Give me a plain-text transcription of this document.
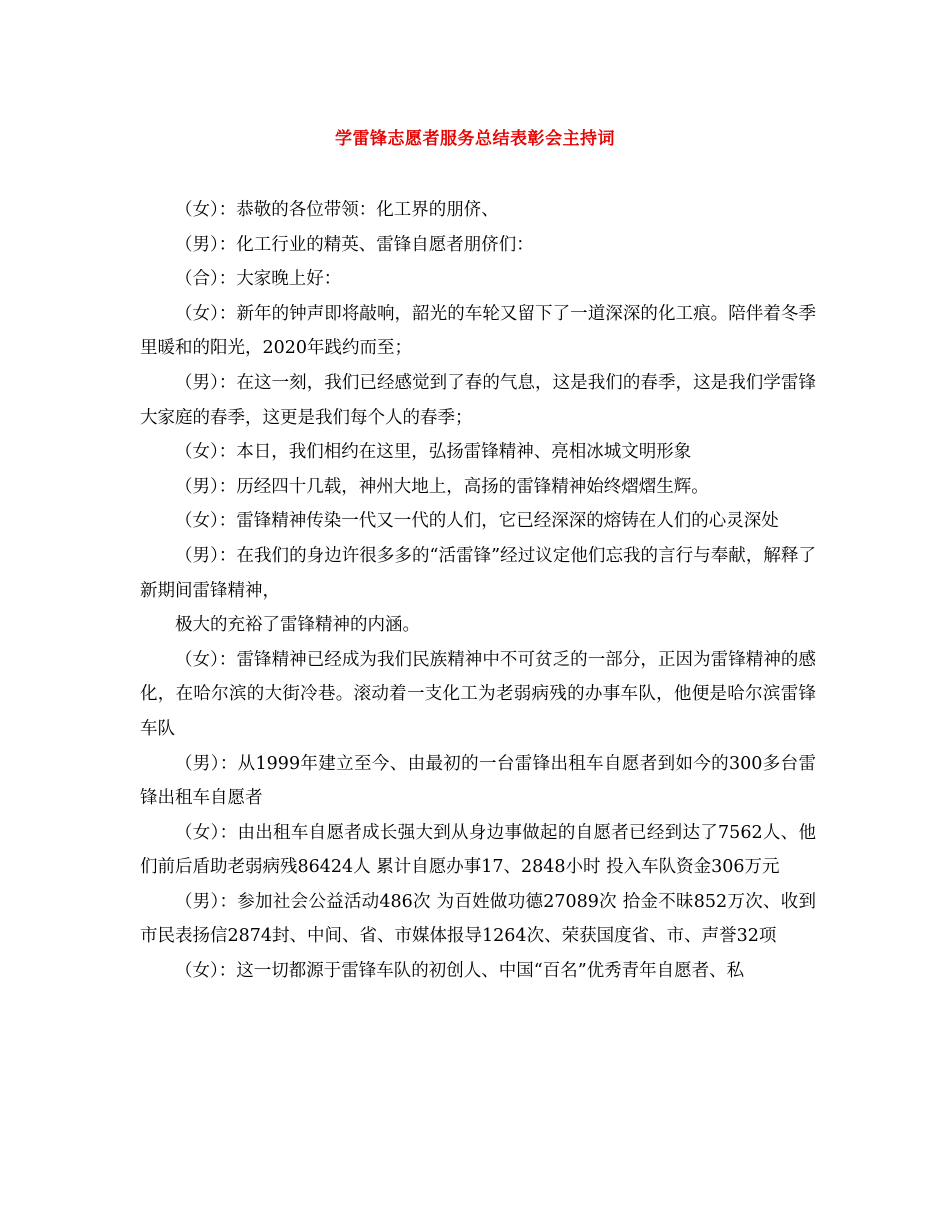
学雷锋志愿者服务总结表彰会主持词

（女）：恭敬的各位带领：化工界的朋侪、

（男）：化工行业的精英、雷锋自愿者朋侪们：

（合）：大家晚上好：

（女）：新年的钟声即将敲响，韶光的车轮又留下了一道深深的化工痕。陪伴着冬季里暖和的阳光，2020年践约而至；

（男）：在这一刻，我们已经感觉到了春的气息，这是我们的春季，这是我们学雷锋大家庭的春季，这更是我们每个人的春季；

（女）：本日，我们相约在这里，弘扬雷锋精神、亮相冰城文明形象

（男）：历经四十几载，神州大地上，高扬的雷锋精神始终熠熠生辉。

（女）：雷锋精神传染一代又一代的人们，它已经深深的熔铸在人们的心灵深处

（男）：在我们的身边许很多多的“活雷锋”经过议定他们忘我的言行与奉献，解释了新期间雷锋精神，

极大的充裕了雷锋精神的内涵。

（女）：雷锋精神已经成为我们民族精神中不可贫乏的一部分，正因为雷锋精神的感化，在哈尔滨的大街冷巷。滚动着一支化工为老弱病残的办事车队，他便是哈尔滨雷锋车队

（男）：从1999年建立至今、由最初的一台雷锋出租车自愿者到如今的300多台雷锋出租车自愿者

（女）：由出租车自愿者成长强大到从身边事做起的自愿者已经到达了7562人、他们前后盾助老弱病残86424人 累计自愿办事17、2848小时 投入车队资金306万元

（男）：参加社会公益活动486次 为百姓做功德27089次 拾金不昧852万次、收到市民表扬信2874封、中间、省、市媒体报导1264次、荣获国度省、市、声誉32项

（女）：这一切都源于雷锋车队的初创人、中国“百名”优秀青年自愿者、私
